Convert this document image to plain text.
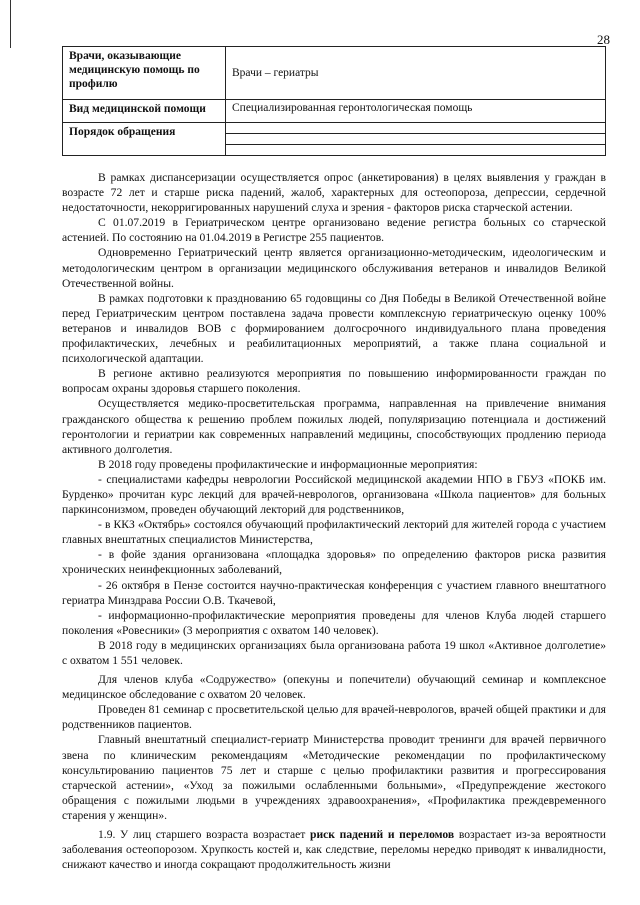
28
Врачи, оказывающие медицинскую помощь по профилю	Врачи – гериатры
Вид медицинской помощи	Специализированная геронтологическая помощь
Порядок обращения	

В рамках диспансеризации осуществляется опрос (анкетирования) в целях выявления у граждан в возрасте 72 лет и старше риска падений, жалоб, характерных для остеопороза, депрессии, сердечной недостаточности, некорригированных нарушений слуха и зрения - факторов риска старческой астении.

С 01.07.2019 в Гериатрическом центре организовано ведение регистра больных со старческой астенией. По состоянию на 01.04.2019 в Регистре 255 пациентов.

Одновременно Гериатрический центр является организационно-методическим, идеологическим и методологическим центром в организации медицинского обслуживания ветеранов и инвалидов Великой Отечественной войны.

В рамках подготовки к празднованию 65 годовщины со Дня Победы в Великой Отечественной войне перед Гериатрическим центром поставлена задача провести комплексную гериатрическую оценку 100% ветеранов и инвалидов ВОВ с формированием долгосрочного индивидуального плана проведения профилактических, лечебных и реабилитационных мероприятий, а также плана социальной и психологической адаптации.

В регионе активно реализуются мероприятия по повышению информированности граждан по вопросам охраны здоровья старшего поколения.

Осуществляется медико-просветительская программа, направленная на привлечение внимания гражданского общества к решению проблем пожилых людей, популяризацию потенциала и достижений геронтологии и гериатрии как современных направлений медицины, способствующих продлению периода активного долголетия.

В 2018 году проведены профилактические и информационные мероприятия:

- специалистами кафедры неврологии Российской медицинской академии НПО в ГБУЗ «ПОКБ им. Бурденко» прочитан курс лекций для врачей-неврологов, организована «Школа пациентов» для больных паркинсонизмом, проведен обучающий лекторий для родственников,

- в ККЗ «Октябрь» состоялся обучающий профилактический лекторий для жителей города с участием главных внештатных специалистов Министерства,

- в фойе здания организована «площадка здоровья» по определению факторов риска развития хронических неинфекционных заболеваний,

- 26 октября в Пензе состоится научно-практическая конференция с участием главного внештатного гериатра Минздрава России О.В. Ткачевой,

- информационно-профилактические мероприятия проведены для членов Клуба людей старшего поколения «Ровесники» (3 мероприятия с охватом 140 человек).

В 2018 году в медицинских организациях была организована работа 19 школ «Активное долголетие» с охватом 1 551 человек.

Для членов клуба «Содружество» (опекуны и попечители) обучающий семинар и комплексное медицинское обследование с охватом 20 человек.

Проведен 81 семинар с просветительской целью для врачей-неврологов, врачей общей практики и для родственников пациентов.

Главный внештатный специалист-гериатр Министерства проводит тренинги для врачей первичного звена по клиническим рекомендациям «Методические рекомендации по профилактическому консультированию пациентов 75 лет и старше с целью профилактики развития и прогрессирования старческой астении», «Уход за пожилыми ослабленными больными», «Предупреждение жестокого обращения с пожилыми людьми в учреждениях здравоохранения», «Профилактика преждевременного старения у женщин».

1.9. У лиц старшего возраста возрастает риск падений и переломов возрастает из-за вероятности заболевания остеопорозом. Хрупкость костей и, как следствие, переломы нередко приводят к инвалидности, снижают качество и иногда сокращают продолжительность жизни
